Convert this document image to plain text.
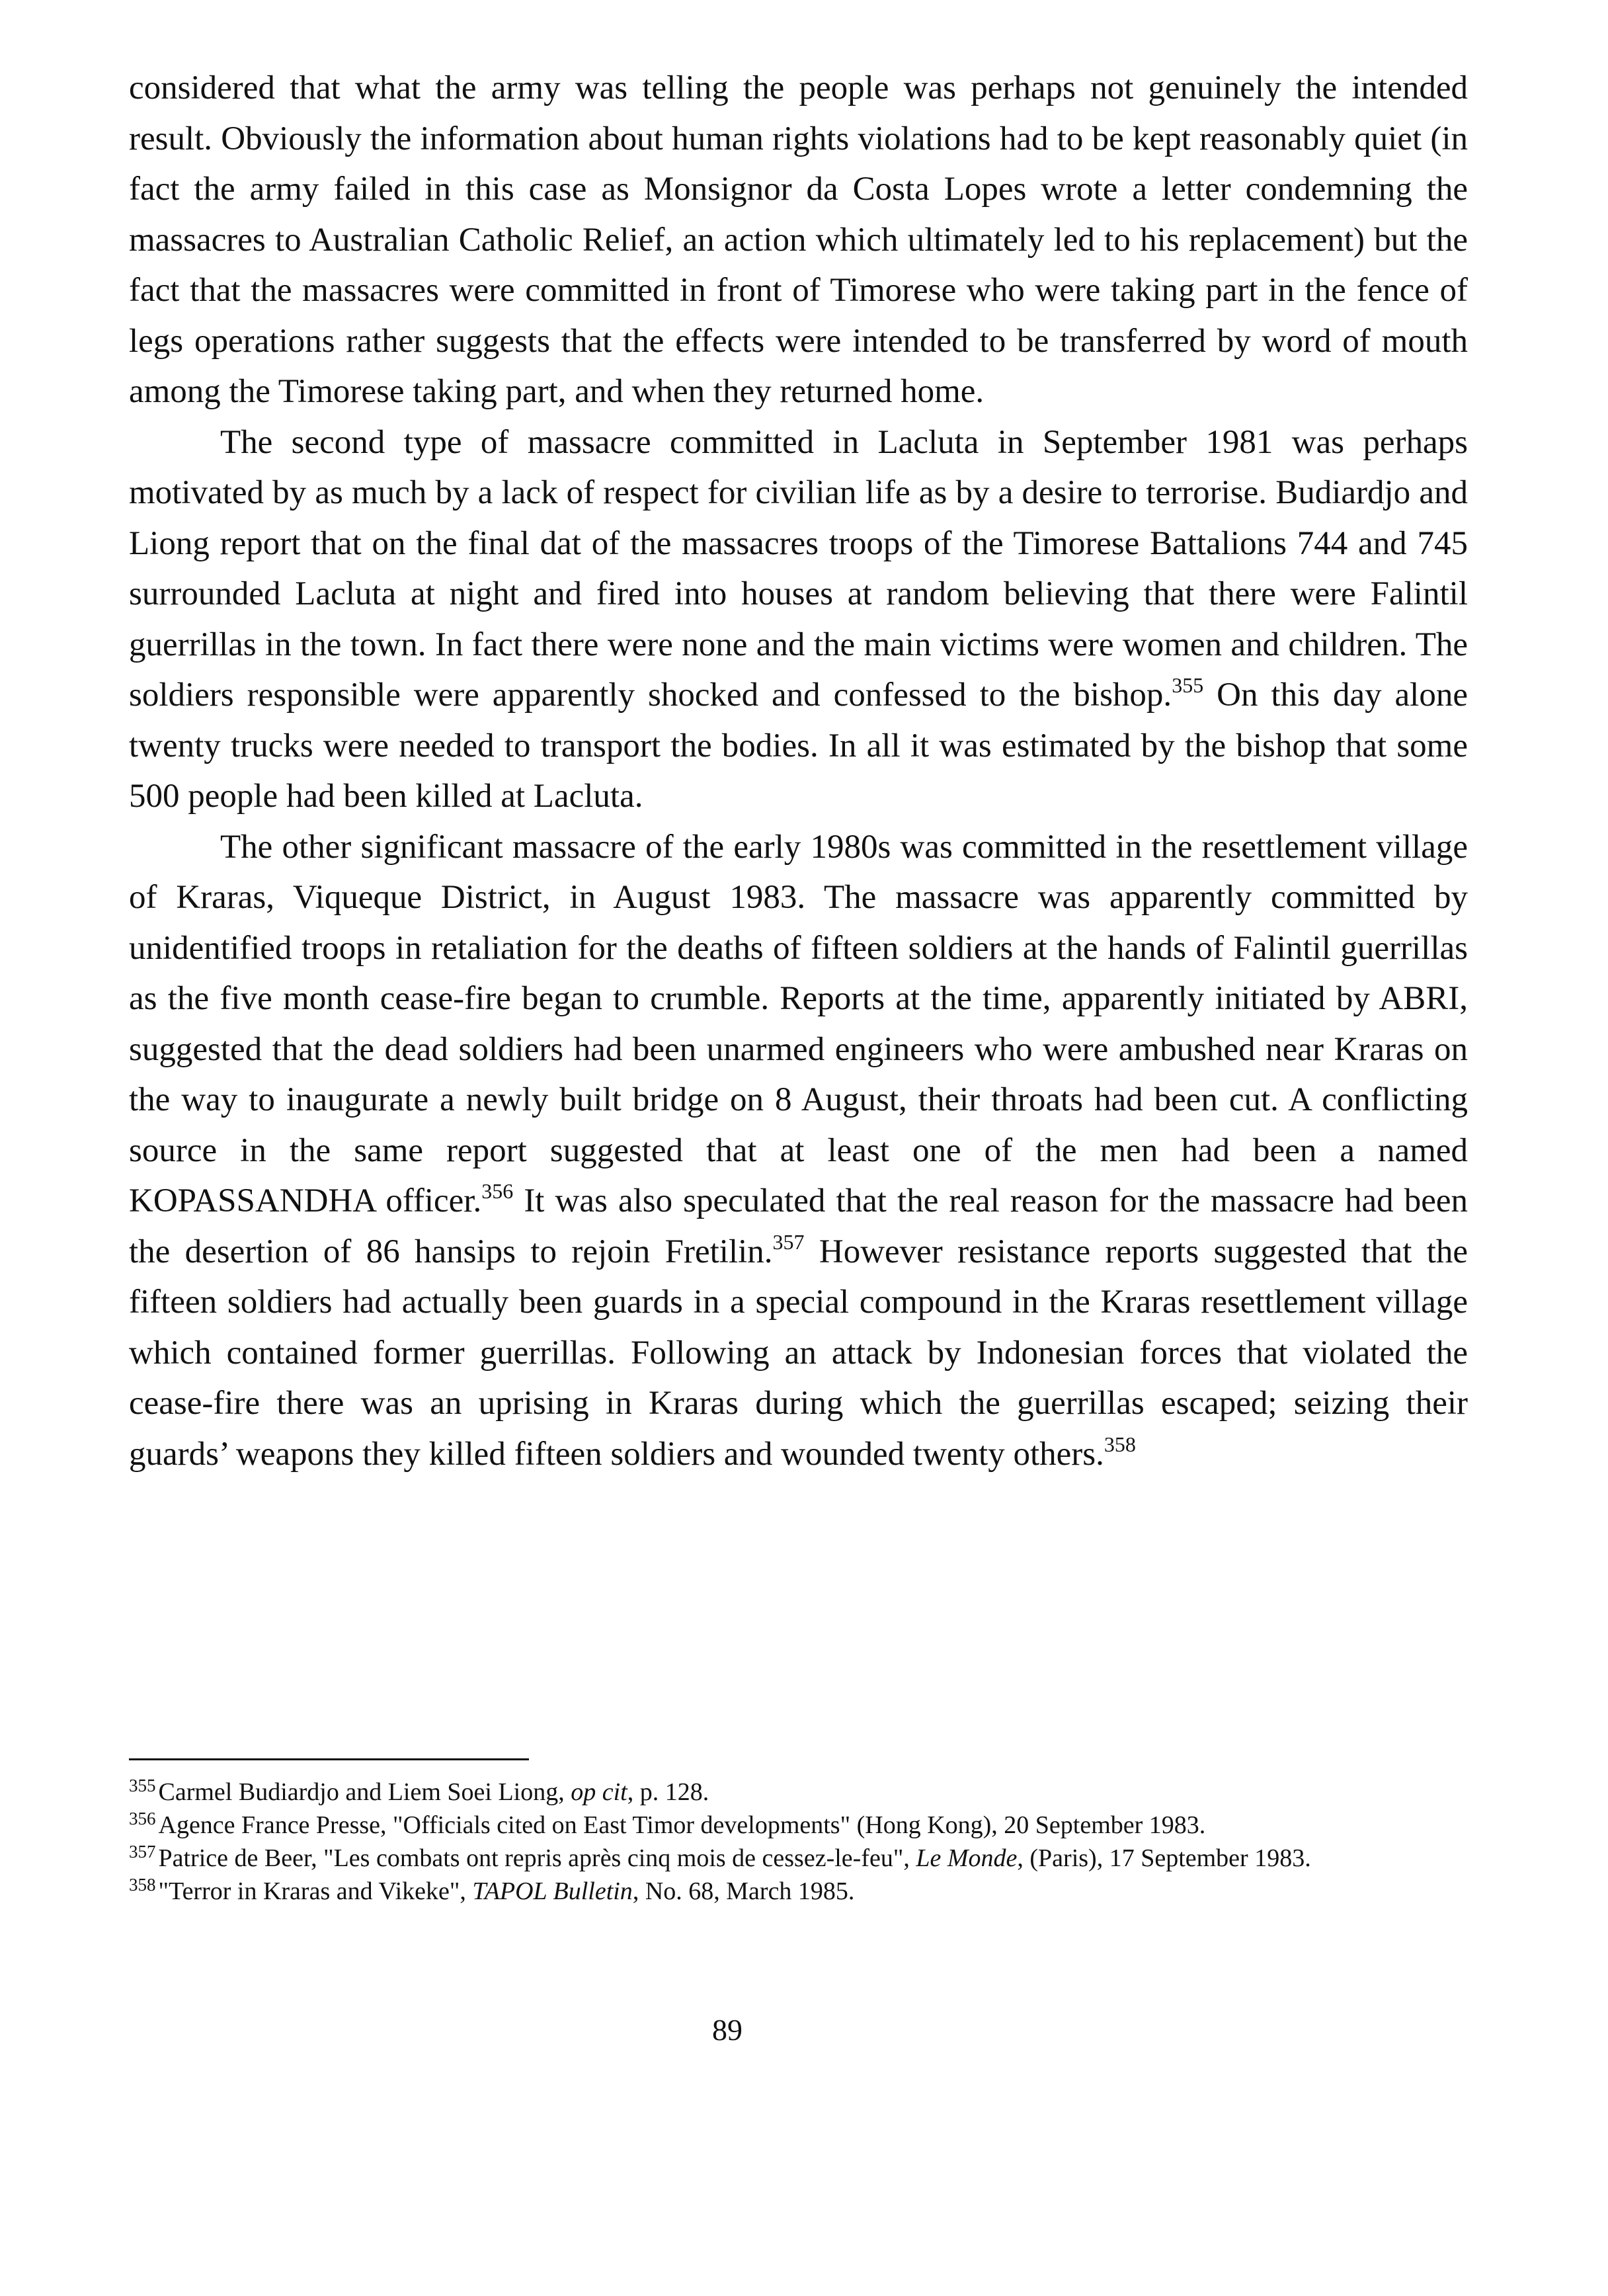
considered that what the army was telling the people was perhaps not genuinely the intended result. Obviously the information about human rights violations had to be kept reasonably quiet (in fact the army failed in this case as Monsignor da Costa Lopes wrote a letter condemning the massacres to Australian Catholic Relief, an action which ultimately led to his replacement) but the fact that the massacres were committed in front of Timorese who were taking part in the fence of legs operations rather suggests that the effects were intended to be transferred by word of mouth among the Timorese taking part, and when they returned home.

The second type of massacre committed in Lacluta in September 1981 was perhaps motivated by as much by a lack of respect for civilian life as by a desire to terrorise. Budiardjo and Liong report that on the final dat of the massacres troops of the Timorese Battalions 744 and 745 surrounded Lacluta at night and fired into houses at random believing that there were Falintil guerrillas in the town. In fact there were none and the main victims were women and children. The soldiers responsible were apparently shocked and confessed to the bishop.$^{355}$ On this day alone twenty trucks were needed to transport the bodies. In all it was estimated by the bishop that some 500 people had been killed at Lacluta.

The other significant massacre of the early 1980s was committed in the resettlement village of Kraras, Viqueque District, in August 1983. The massacre was apparently committed by unidentified troops in retaliation for the deaths of fifteen soldiers at the hands of Falintil guerrillas as the five month cease-fire began to crumble. Reports at the time, apparently initiated by ABRI, suggested that the dead soldiers had been unarmed engineers who were ambushed near Kraras on the way to inaugurate a newly built bridge on 8 August, their throats had been cut. A conflicting source in the same report suggested that at least one of the men had been a named KOPASSANDHA officer.$^{356}$ It was also speculated that the real reason for the massacre had been the desertion of 86 hansips to rejoin Fretilin.$^{357}$ However resistance reports suggested that the fifteen soldiers had actually been guards in a special compound in the Kraras resettlement village which contained former guerrillas. Following an attack by Indonesian forces that violated the cease-fire there was an uprising in Kraras during which the guerrillas escaped; seizing their guards’ weapons they killed fifteen soldiers and wounded twenty others.$^{358}$

$^{355}$ Carmel Budiardjo and Liem Soei Liong, op cit, p. 128.
$^{356}$ Agence France Presse, "Officials cited on East Timor developments" (Hong Kong), 20 September 1983.
$^{357}$ Patrice de Beer, "Les combats ont repris après cinq mois de cessez-le-feu", Le Monde, (Paris), 17 September 1983.
$^{358}$ "Terror in Kraras and Vikeke", TAPOL Bulletin, No. 68, March 1985.
89
